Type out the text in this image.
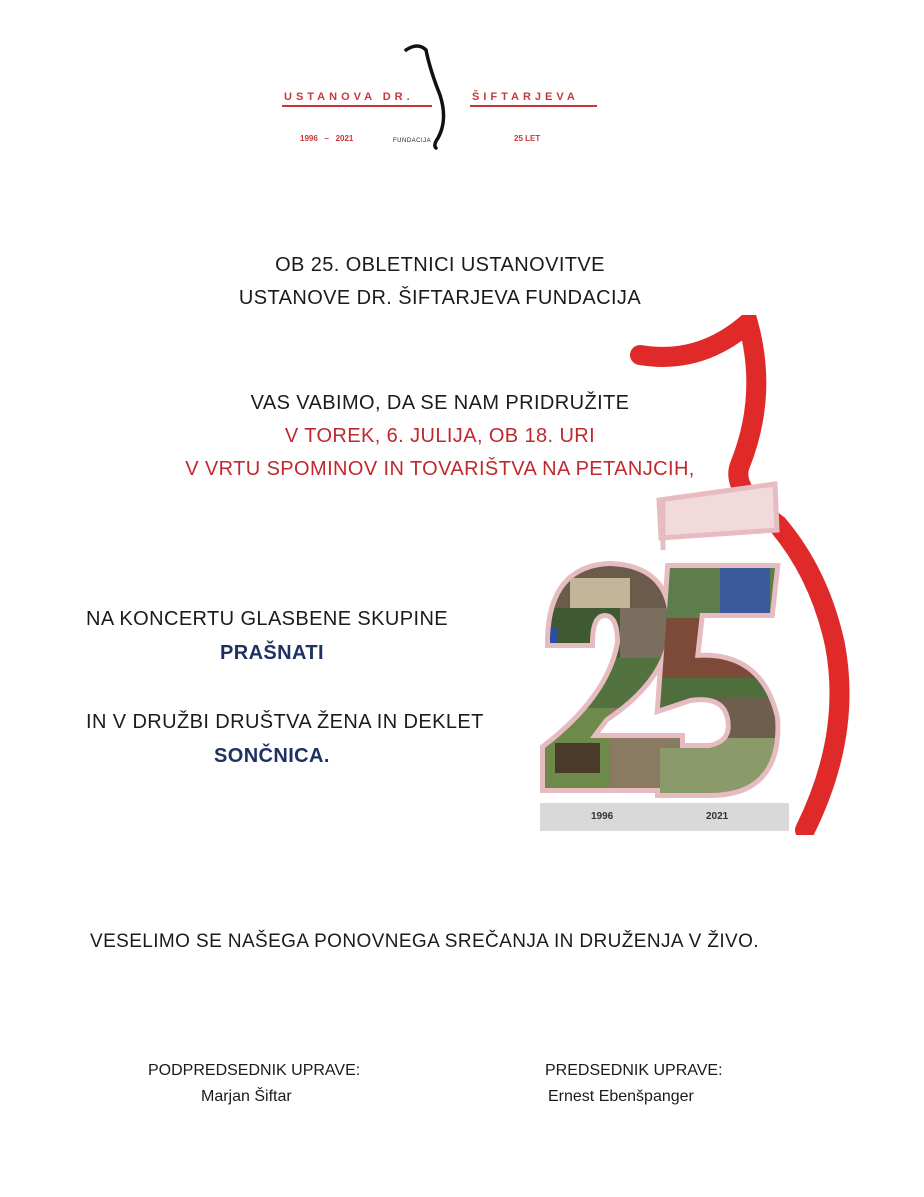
USTANOVA DR.	ŠIFTARJEVA
1996   –   2021	FUNDACIJA	25 LET
1996	2021
OB 25. OBLETNICI USTANOVITVE
USTANOVE DR. ŠIFTARJEVA FUNDACIJA
VAS VABIMO, DA SE NAM PRIDRUŽITE
V TOREK, 6. JULIJA, OB 18. URI
V VRTU SPOMINOV IN TOVARIŠTVA NA PETANJCIH,
NA KONCERTU GLASBENE SKUPINE
PRAŠNATI
IN V DRUŽBI DRUŠTVA ŽENA IN DEKLET
SONČNICA.
VESELIMO SE NAŠEGA PONOVNEGA SREČANJA IN DRUŽENJA V ŽIVO.
PODPREDSEDNIK UPRAVE:
Marjan Šiftar
PREDSEDNIK UPRAVE:
Ernest Ebenšpanger
